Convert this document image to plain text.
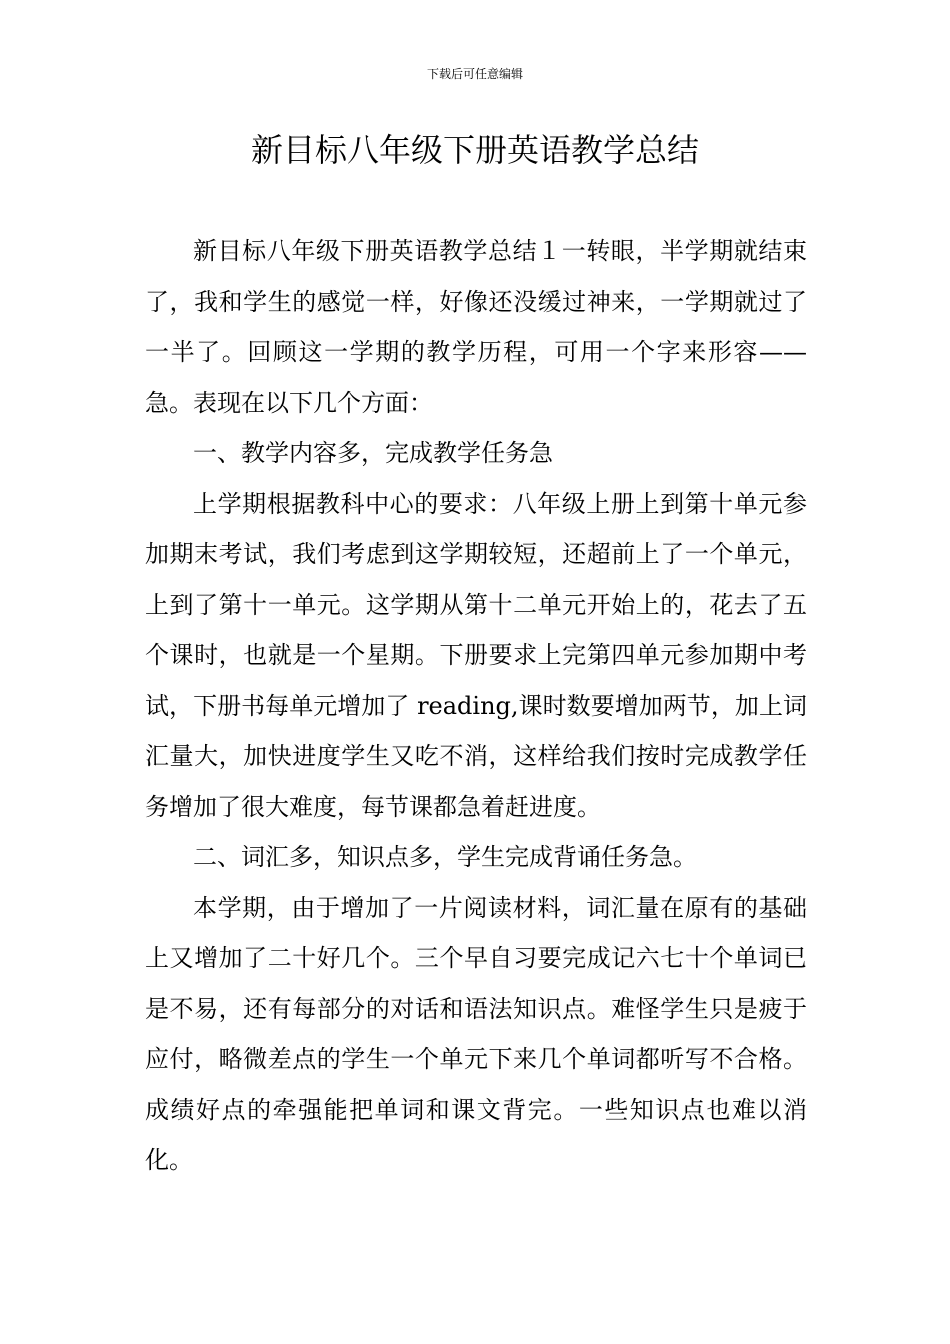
下载后可任意编辑
新目标八年级下册英语教学总结

新目标八年级下册英语教学总结１一转眼，半学期就结束了，我和学生的感觉一样，好像还没缓过神来，一学期就过了一半了。回顾这一学期的教学历程，可用一个字来形容——急。表现在以下几个方面：

一、教学内容多，完成教学任务急

上学期根据教科中心的要求：八年级上册上到第十单元参加期末考试，我们考虑到这学期较短，还超前上了一个单元，上到了第十一单元。这学期从第十二单元开始上的，花去了五个课时，也就是一个星期。下册要求上完第四单元参加期中考试，下册书每单元增加了 reading,课时数要增加两节，加上词汇量大，加快进度学生又吃不消，这样给我们按时完成教学任务增加了很大难度，每节课都急着赶进度。

二、词汇多，知识点多，学生完成背诵任务急。

本学期，由于增加了一片阅读材料，词汇量在原有的基础上又增加了二十好几个。三个早自习要完成记六七十个单词已是不易，还有每部分的对话和语法知识点。难怪学生只是疲于应付，略微差点的学生一个单元下来几个单词都听写不合格。成绩好点的牵强能把单词和课文背完。一些知识点也难以消化。
